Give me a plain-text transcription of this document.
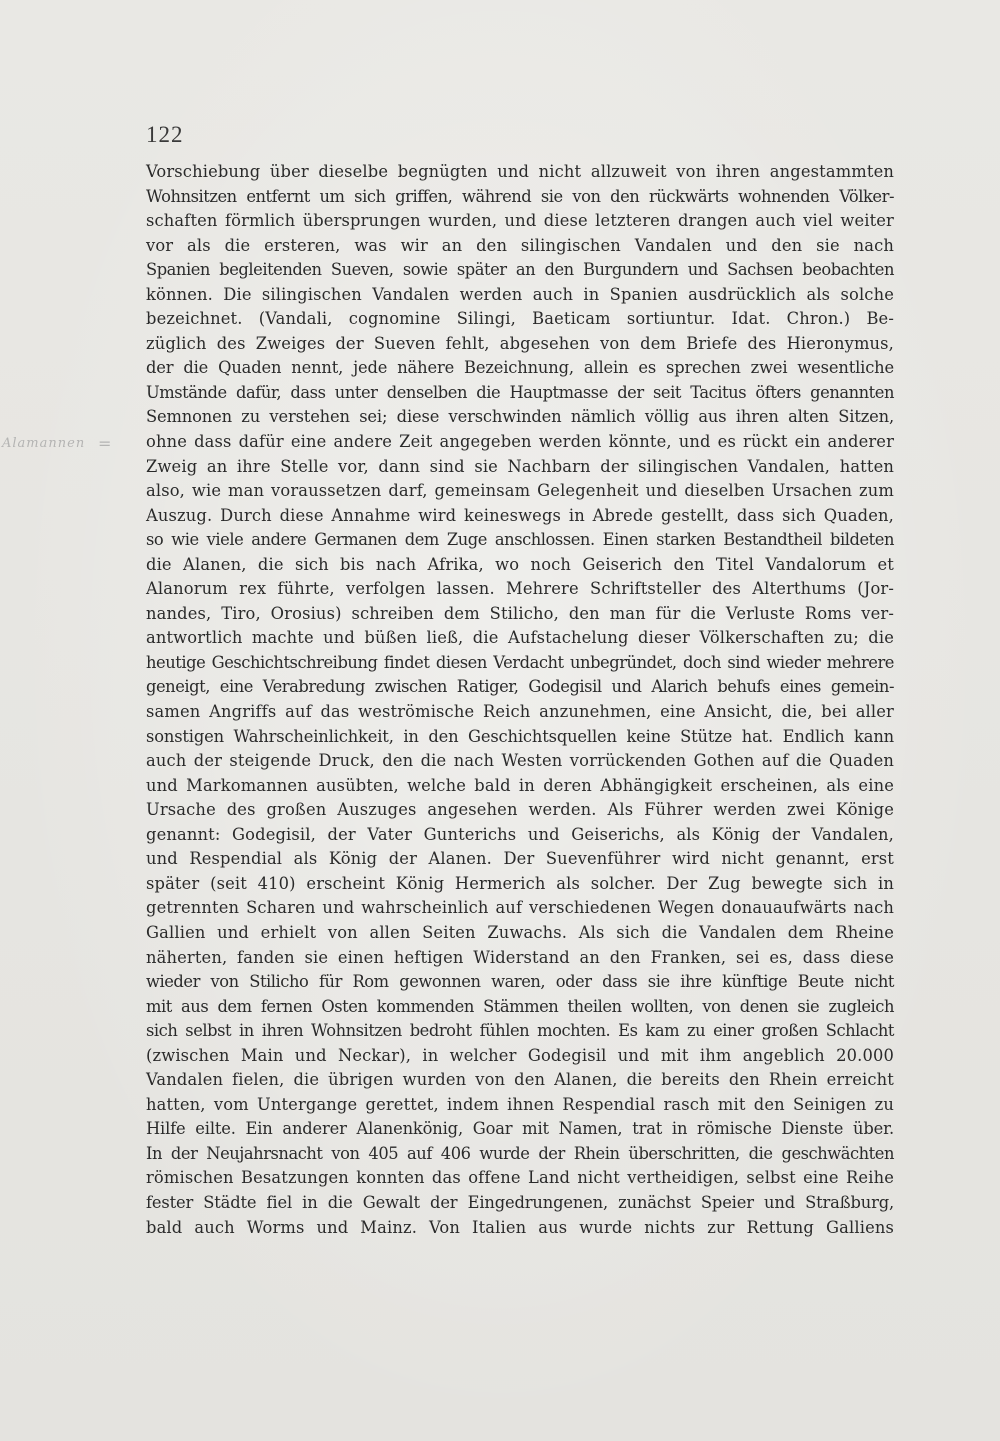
122
Alamannen =
Vorschiebung über dieselbe begnügten und nicht allzuweit von ihren angestammten
Wohnsitzen entfernt um sich griffen, während sie von den rückwärts wohnenden Völker-
schaften förmlich übersprungen wurden, und diese letzteren drangen auch viel weiter
vor als die ersteren, was wir an den silingischen Vandalen und den sie nach
Spanien begleitenden Sueven, sowie später an den Burgundern und Sachsen beobachten
können. Die silingischen Vandalen werden auch in Spanien ausdrücklich als solche
bezeichnet. (Vandali, cognomine Silingi, Baeticam sortiuntur. Idat. Chron.) Be-
züglich des Zweiges der Sueven fehlt, abgesehen von dem Briefe des Hieronymus,
der die Quaden nennt, jede nähere Bezeichnung, allein es sprechen zwei wesentliche
Umstände dafür, dass unter denselben die Hauptmasse der seit Tacitus öfters genannten
Semnonen zu verstehen sei; diese verschwinden nämlich völlig aus ihren alten Sitzen,
ohne dass dafür eine andere Zeit angegeben werden könnte, und es rückt ein anderer
Zweig an ihre Stelle vor, dann sind sie Nachbarn der silingischen Vandalen, hatten
also, wie man voraussetzen darf, gemeinsam Gelegenheit und dieselben Ursachen zum
Auszug. Durch diese Annahme wird keineswegs in Abrede gestellt, dass sich Quaden,
so wie viele andere Germanen dem Zuge anschlossen. Einen starken Bestandtheil bildeten
die Alanen, die sich bis nach Afrika, wo noch Geiserich den Titel Vandalorum et
Alanorum rex führte, verfolgen lassen. Mehrere Schriftsteller des Alterthums (Jor-
nandes, Tiro, Orosius) schreiben dem Stilicho, den man für die Verluste Roms ver-
antwortlich machte und büßen ließ, die Aufstachelung dieser Völkerschaften zu; die
heutige Geschichtschreibung findet diesen Verdacht unbegründet, doch sind wieder mehrere
geneigt, eine Verabredung zwischen Ratiger, Godegisil und Alarich behufs eines gemein-
samen Angriffs auf das weströmische Reich anzunehmen, eine Ansicht, die, bei aller
sonstigen Wahrscheinlichkeit, in den Geschichtsquellen keine Stütze hat. Endlich kann
auch der steigende Druck, den die nach Westen vorrückenden Gothen auf die Quaden
und Markomannen ausübten, welche bald in deren Abhängigkeit erscheinen, als eine
Ursache des großen Auszuges angesehen werden. Als Führer werden zwei Könige
genannt: Godegisil, der Vater Gunterichs und Geiserichs, als König der Vandalen,
und Respendial als König der Alanen. Der Suevenführer wird nicht genannt, erst
später (seit 410) erscheint König Hermerich als solcher. Der Zug bewegte sich in
getrennten Scharen und wahrscheinlich auf verschiedenen Wegen donauaufwärts nach
Gallien und erhielt von allen Seiten Zuwachs. Als sich die Vandalen dem Rheine
näherten, fanden sie einen heftigen Widerstand an den Franken, sei es, dass diese
wieder von Stilicho für Rom gewonnen waren, oder dass sie ihre künftige Beute nicht
mit aus dem fernen Osten kommenden Stämmen theilen wollten, von denen sie zugleich
sich selbst in ihren Wohnsitzen bedroht fühlen mochten. Es kam zu einer großen Schlacht
(zwischen Main und Neckar), in welcher Godegisil und mit ihm angeblich 20.000
Vandalen fielen, die übrigen wurden von den Alanen, die bereits den Rhein erreicht
hatten, vom Untergange gerettet, indem ihnen Respendial rasch mit den Seinigen zu
Hilfe eilte. Ein anderer Alanenkönig, Goar mit Namen, trat in römische Dienste über.
In der Neujahrsnacht von 405 auf 406 wurde der Rhein überschritten, die geschwächten
römischen Besatzungen konnten das offene Land nicht vertheidigen, selbst eine Reihe
fester Städte fiel in die Gewalt der Eingedrungenen, zunächst Speier und Straßburg,
bald auch Worms und Mainz. Von Italien aus wurde nichts zur Rettung Galliens
